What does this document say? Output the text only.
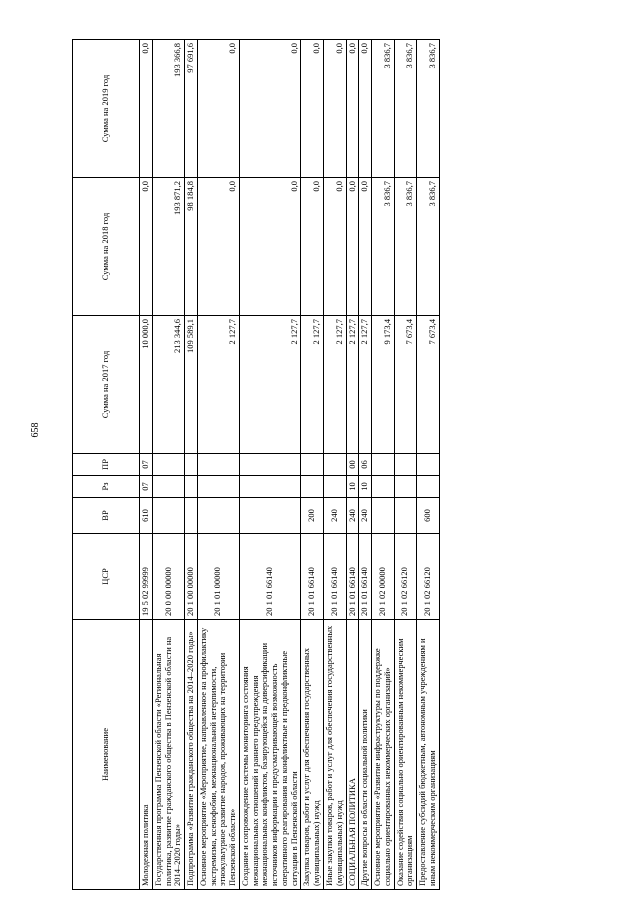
658
Наименование	ЦСР	ВР	Рз	ПР	Сумма на 2017 год	Сумма на 2018 год	Сумма на 2019 год
Молодежная политика	19 5 02 99999	610	07	07	10 000,0	0,0	0,0
Государственная программа Пензенской области «Региональная политика, развитие гражданского общества в Пензенской области на 2014–2020 годы»	20 0 00 00000				213 344,6	193 871,2	193 366,8
Подпрограмма «Развитие гражданского общества на 2014–2020 годы»	20 1 00 00000				109 589,1	98 184,8	97 691,6
Основное мероприятие «Мероприятие, направленное на профилактику экстремизма, ксенофобии, межнациональной нетерпимости, этнокультурное развитие народов, проживающих на территории Пензенской области»	20 1 01 00000				2 127,7	0,0	0,0
Создание и сопровождение системы мониторинга состояния межнациональных отношений и раннего предупреждения межнациональных конфликтов, базирующейся на диверсификации источников информации и предусматривающей возможность оперативного реагирования на конфликтные и предконфликтные ситуации в Пензенской области	20 1 01 66140				2 127,7	0,0	0,0
Закупка товаров, работ и услуг для обеспечения государственных (муниципальных) нужд	20 1 01 66140	200			2 127,7	0,0	0,0
Иные закупки товаров, работ и услуг для обеспечения государственных (муниципальных) нужд	20 1 01 66140	240			2 127,7	0,0	0,0
СОЦИАЛЬНАЯ ПОЛИТИКА	20 1 01 66140	240	10	00	2 127,7	0,0	0,0
Другие вопросы в области социальной политики	20 1 01 66140	240	10	06	2 127,7	0,0	0,0
Основное мероприятие «Развитие инфраструктуры по поддержке социально ориентированных некоммерческих организаций»	20 1 02 00000				9 173,4	3 836,7	3 836,7
Оказание содействия социально ориентированным некоммерческим организациям	20 1 02 66120				7 673,4	3 836,7	3 836,7
Предоставление субсидий бюджетным, автономным учреждениям и иным некоммерческим организациям	20 1 02 66120	600			7 673,4	3 836,7	3 836,7
